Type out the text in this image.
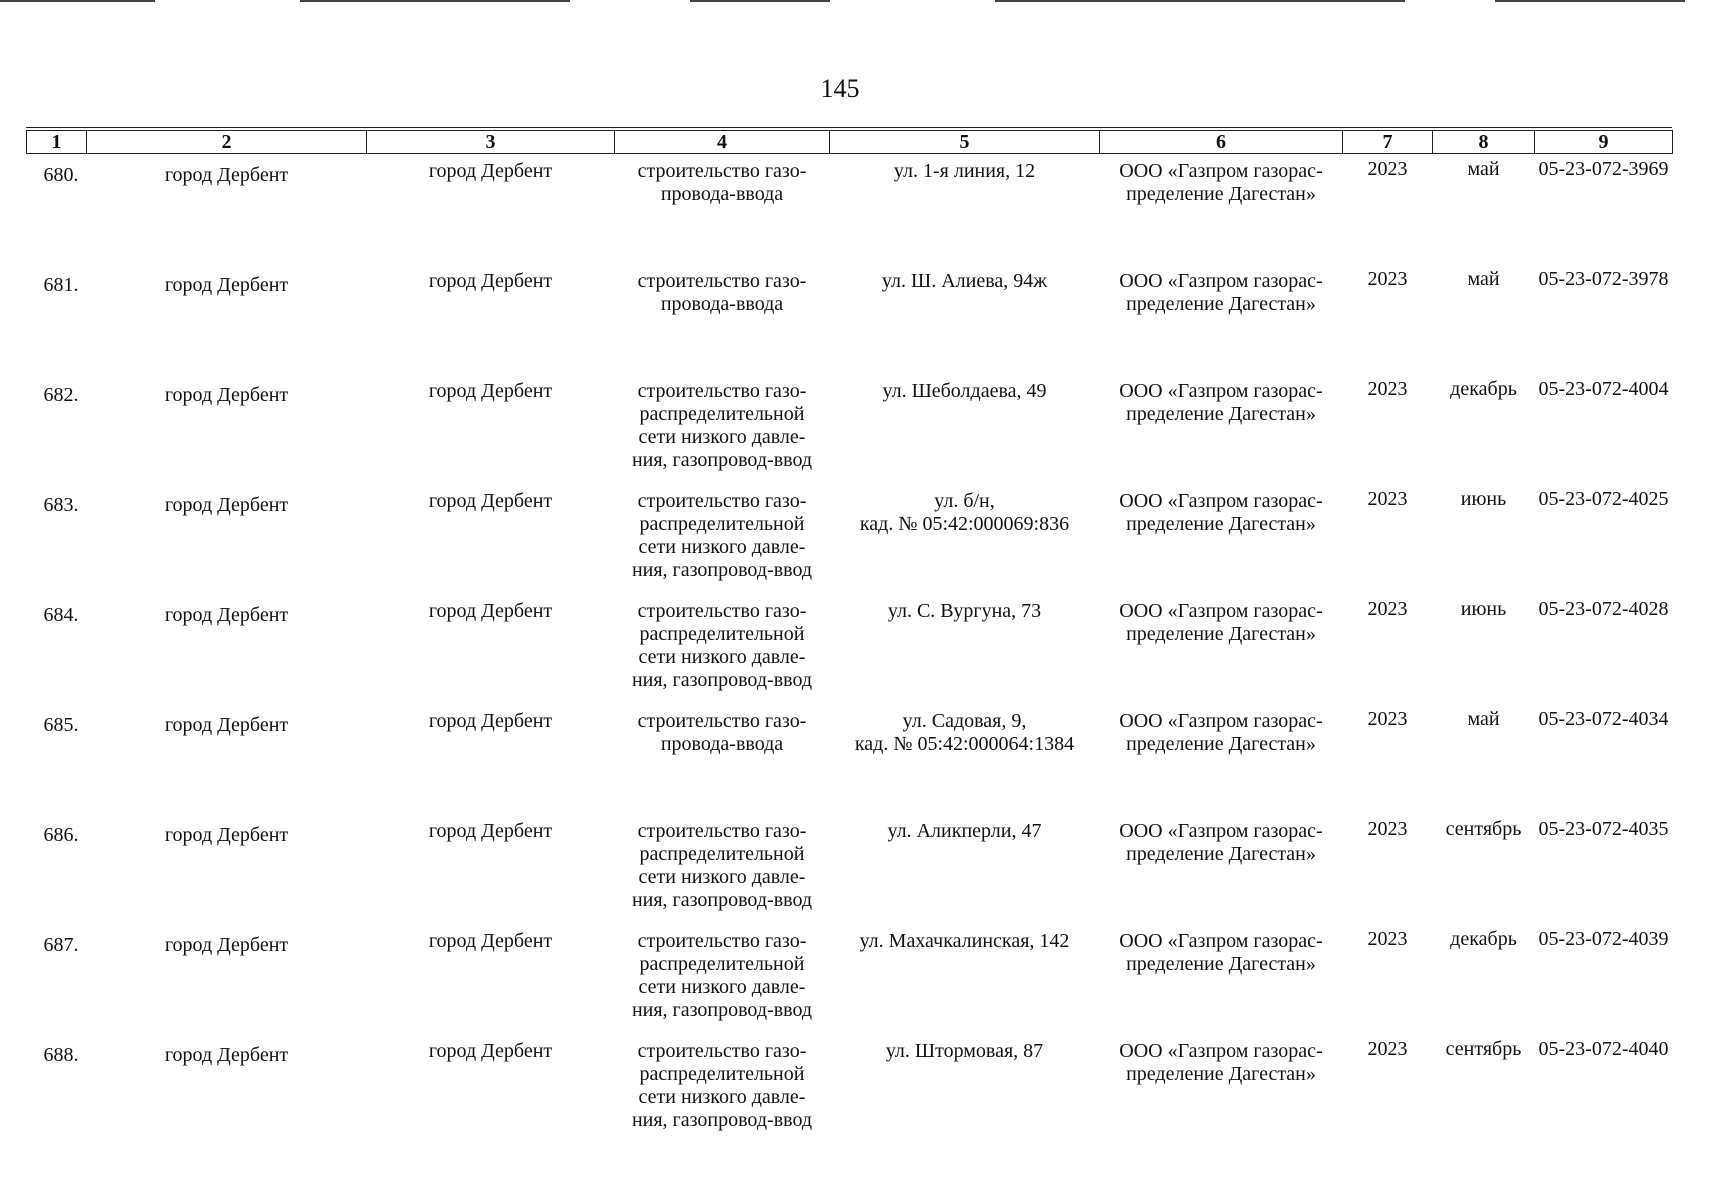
145
1	2	3	4	5	6	7	8	9
680.	город Дербент	город Дербент	строительство газо-
провода-ввода	ул. 1-я линия, 12	ООО «Газпром газорас-
пределение Дагестан»	2023	май	05-23-072-3969
681.	город Дербент	город Дербент	строительство газо-
провода-ввода	ул. Ш. Алиева, 94ж	ООО «Газпром газорас-
пределение Дагестан»	2023	май	05-23-072-3978
682.	город Дербент	город Дербент	строительство газо-
распределительной
сети низкого давле-
ния, газопровод-ввод	ул. Шеболдаева, 49	ООО «Газпром газорас-
пределение Дагестан»	2023	декабрь	05-23-072-4004
683.	город Дербент	город Дербент	строительство газо-
распределительной
сети низкого давле-
ния, газопровод-ввод	ул. б/н,
кад. № 05:42:000069:836	ООО «Газпром газорас-
пределение Дагестан»	2023	июнь	05-23-072-4025
684.	город Дербент	город Дербент	строительство газо-
распределительной
сети низкого давле-
ния, газопровод-ввод	ул. С. Вургуна, 73	ООО «Газпром газорас-
пределение Дагестан»	2023	июнь	05-23-072-4028
685.	город Дербент	город Дербент	строительство газо-
провода-ввода	ул. Садовая, 9,
кад. № 05:42:000064:1384	ООО «Газпром газорас-
пределение Дагестан»	2023	май	05-23-072-4034
686.	город Дербент	город Дербент	строительство газо-
распределительной
сети низкого давле-
ния, газопровод-ввод	ул. Аликперли, 47	ООО «Газпром газорас-
пределение Дагестан»	2023	сентябрь	05-23-072-4035
687.	город Дербент	город Дербент	строительство газо-
распределительной
сети низкого давле-
ния, газопровод-ввод	ул. Махачкалинская, 142	ООО «Газпром газорас-
пределение Дагестан»	2023	декабрь	05-23-072-4039
688.	город Дербент	город Дербент	строительство газо-
распределительной
сети низкого давле-
ния, газопровод-ввод	ул. Штормовая, 87	ООО «Газпром газорас-
пределение Дагестан»	2023	сентябрь	05-23-072-4040
